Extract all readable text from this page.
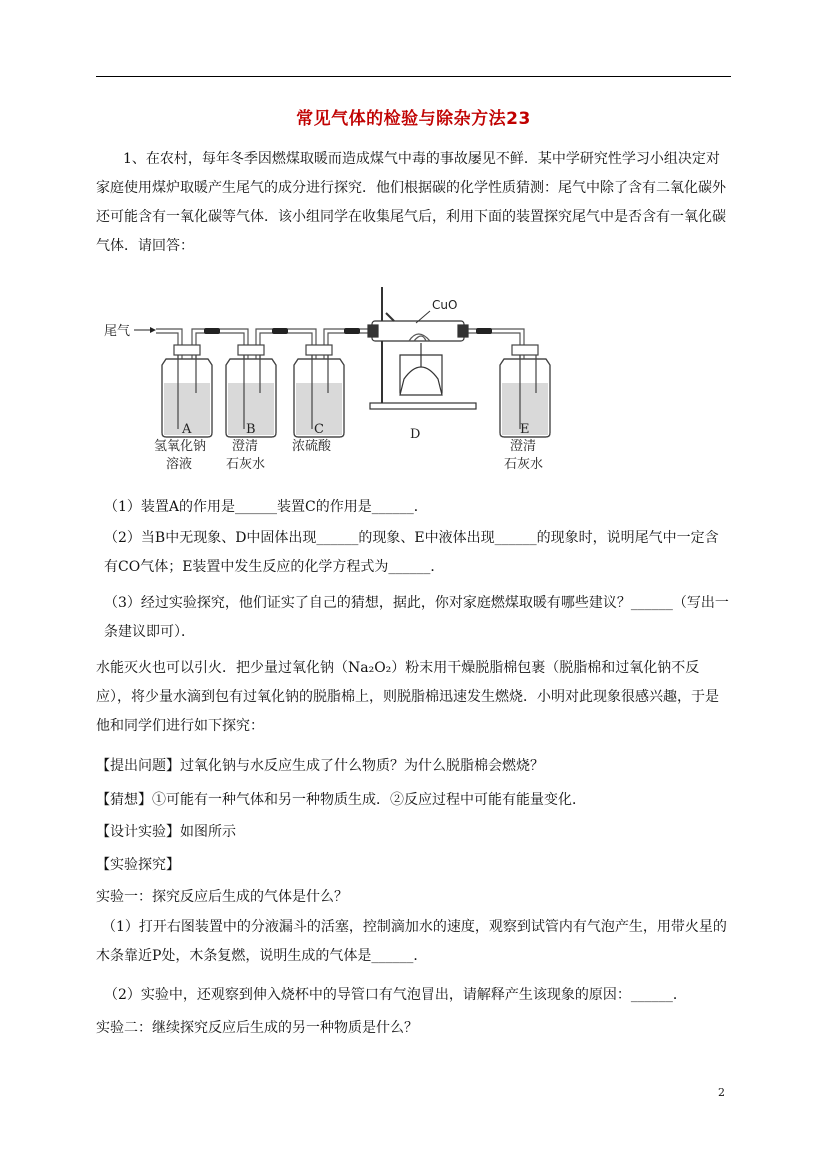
常见气体的检验与除杂方法23

1、在农村，每年冬季因燃煤取暖而造成煤气中毒的事故屡见不鲜．某中学研究性学习小组决定对家庭使用煤炉取暖产生尾气的成分进行探究．他们根据碳的化学性质猜测：尾气中除了含有二氧化碳外还可能含有一氧化碳等气体．该小组同学在收集尾气后，利用下面的装置探究尾气中是否含有一氧化碳气体．请回答：

尾气
CuO
A
氢氧化钠
溶液
B
澄清
石灰水
C
浓硫酸
D	E
澄清
石灰水

（1）装置A的作用是______装置C的作用是______．

（2）当B中无现象、D中固体出现______的现象、E中液体出现______的现象时，说明尾气中一定含有CO气体；E装置中发生反应的化学方程式为______．

（3）经过实验探究，他们证实了自己的猜想，据此，你对家庭燃煤取暖有哪些建议？______（写出一条建议即可）．

水能灭火也可以引火．把少量过氧化钠（Na₂O₂）粉末用干燥脱脂棉包裹（脱脂棉和过氧化钠不反应），将少量水滴到包有过氧化钠的脱脂棉上，则脱脂棉迅速发生燃烧．小明对此现象很感兴趣，于是他和同学们进行如下探究：

【提出问题】过氧化钠与水反应生成了什么物质？为什么脱脂棉会燃烧？

【猜想】①可能有一种气体和另一种物质生成．②反应过程中可能有能量变化．

【设计实验】如图所示

【实验探究】

实验一：探究反应后生成的气体是什么？

（1）打开右图装置中的分液漏斗的活塞，控制滴加水的速度，观察到试管内有气泡产生，用带火星的木条靠近P处，木条复燃，说明生成的气体是______．

（2）实验中，还观察到伸入烧杯中的导管口有气泡冒出，请解释产生该现象的原因：______．

实验二：继续探究反应后生成的另一种物质是什么？

2
